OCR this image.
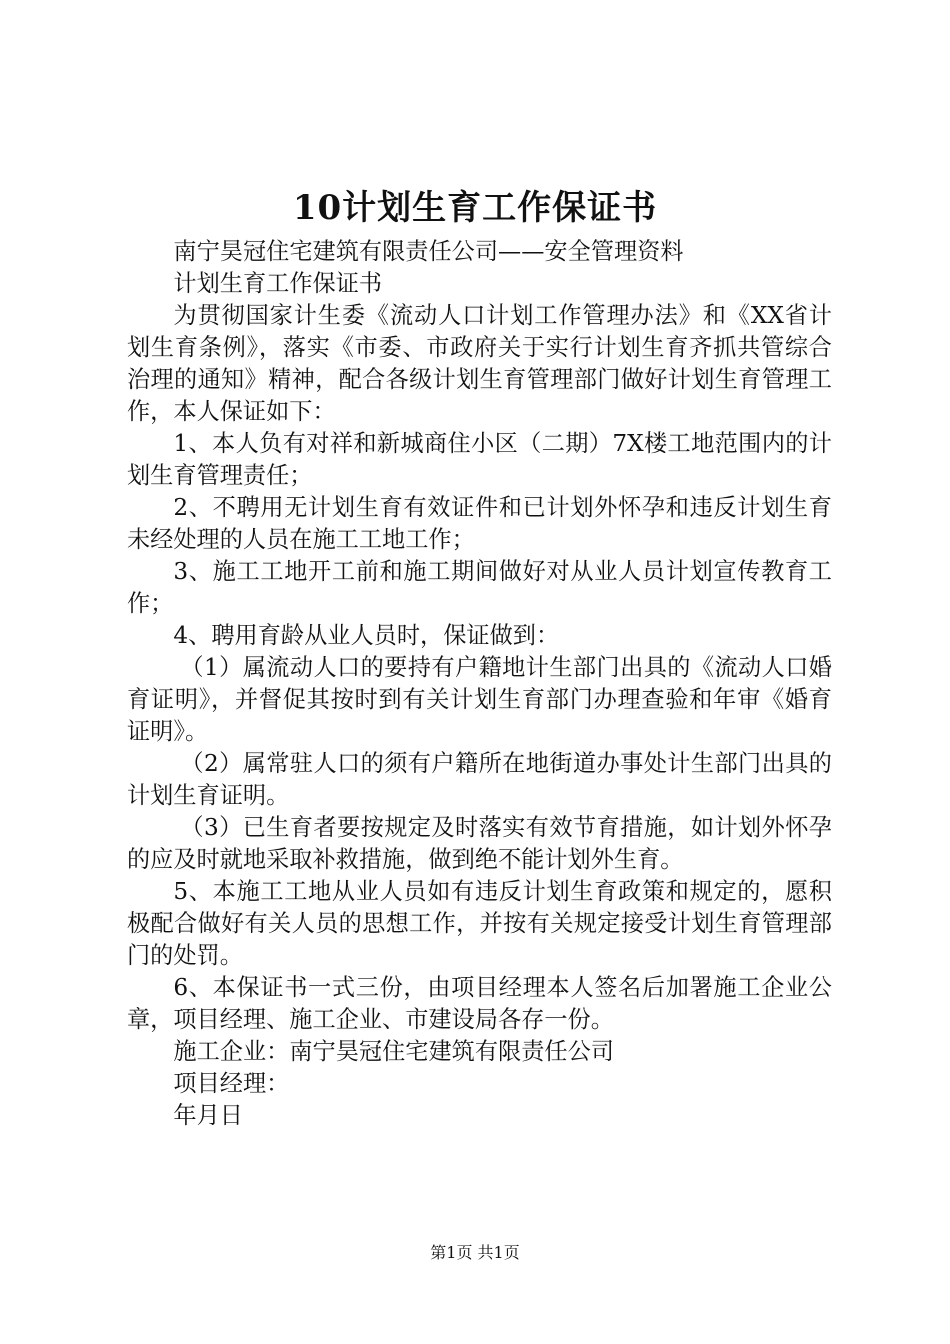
10计划生育工作保证书

南宁昊冠住宅建筑有限责任公司——安全管理资料

计划生育工作保证书

为贯彻国家计生委《流动人口计划工作管理办法》和《XX省计划生育条例》，落实《市委、市政府关于实行计划生育齐抓共管综合治理的通知》精神，配合各级计划生育管理部门做好计划生育管理工作，本人保证如下：

1、本人负有对祥和新城商住小区（二期）7X楼工地范围内的计划生育管理责任；

2、不聘用无计划生育有效证件和已计划外怀孕和违反计划生育未经处理的人员在施工工地工作；

3、施工工地开工前和施工期间做好对从业人员计划宣传教育工作；

4、聘用育龄从业人员时，保证做到：

（1）属流动人口的要持有户籍地计生部门出具的《流动人口婚育证明》，并督促其按时到有关计划生育部门办理查验和年审《婚育证明》。

（2）属常驻人口的须有户籍所在地街道办事处计生部门出具的计划生育证明。

（3）已生育者要按规定及时落实有效节育措施，如计划外怀孕的应及时就地采取补救措施，做到绝不能计划外生育。

5、本施工工地从业人员如有违反计划生育政策和规定的，愿积极配合做好有关人员的思想工作，并按有关规定接受计划生育管理部门的处罚。

6、本保证书一式三份，由项目经理本人签名后加署施工企业公章，项目经理、施工企业、市建设局各存一份。

施工企业：南宁昊冠住宅建筑有限责任公司

项目经理：

年月日

第1页 共1页
